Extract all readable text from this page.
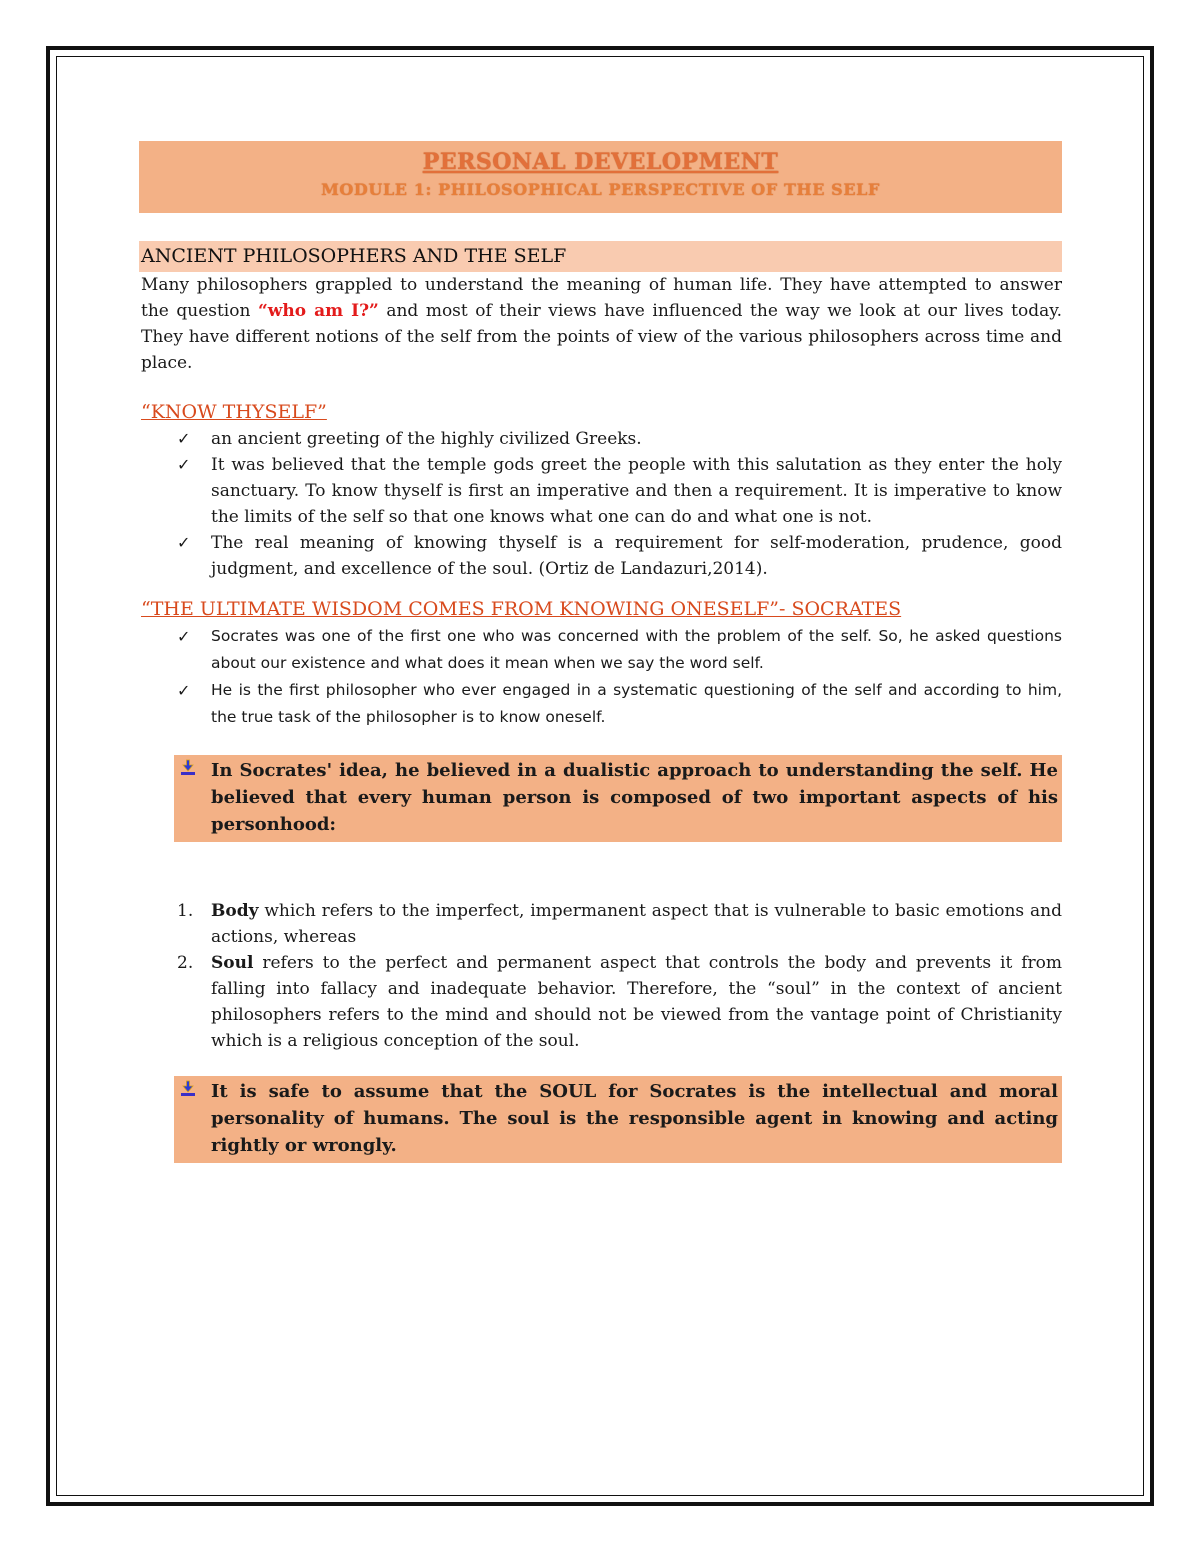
PERSONAL DEVELOPMENT
MODULE 1: PHILOSOPHICAL PERSPECTIVE OF THE SELF
ANCIENT PHILOSOPHERS AND THE SELF

Many philosophers grappled to understand the meaning of human life. They have attempted to answer the question “who am I?” and most of their views have influenced the way we look at our lives today. They have different notions of the self from the points of view of the various philosophers across time and place.

“KNOW THYSELF”
✓ an ancient greeting of the highly civilized Greeks.
✓ It was believed that the temple gods greet the people with this salutation as they enter the holy sanctuary. To know thyself is first an imperative and then a requirement. It is imperative to know the limits of the self so that one knows what one can do and what one is not.
✓ The real meaning of knowing thyself is a requirement for self-moderation, prudence, good judgment, and excellence of the soul. (Ortiz de Landazuri,2014).
“THE ULTIMATE WISDOM COMES FROM KNOWING ONESELF”- SOCRATES
✓ Socrates was one of the first one who was concerned with the problem of the self. So, he asked questions about our existence and what does it mean when we say the word self.
✓ He is the first philosopher who ever engaged in a systematic questioning of the self and according to him, the true task of the philosopher is to know oneself.
In Socrates' idea, he believed in a dualistic approach to understanding the self. He believed that every human person is composed of two important aspects of his personhood:
1. Body which refers to the imperfect, impermanent aspect that is vulnerable to basic emotions and actions, whereas
2. Soul refers to the perfect and permanent aspect that controls the body and prevents it from falling into fallacy and inadequate behavior. Therefore, the “soul” in the context of ancient philosophers refers to the mind and should not be viewed from the vantage point of Christianity which is a religious conception of the soul.
It is safe to assume that the SOUL for Socrates is the intellectual and moral personality of humans. The soul is the responsible agent in knowing and acting rightly or wrongly.
